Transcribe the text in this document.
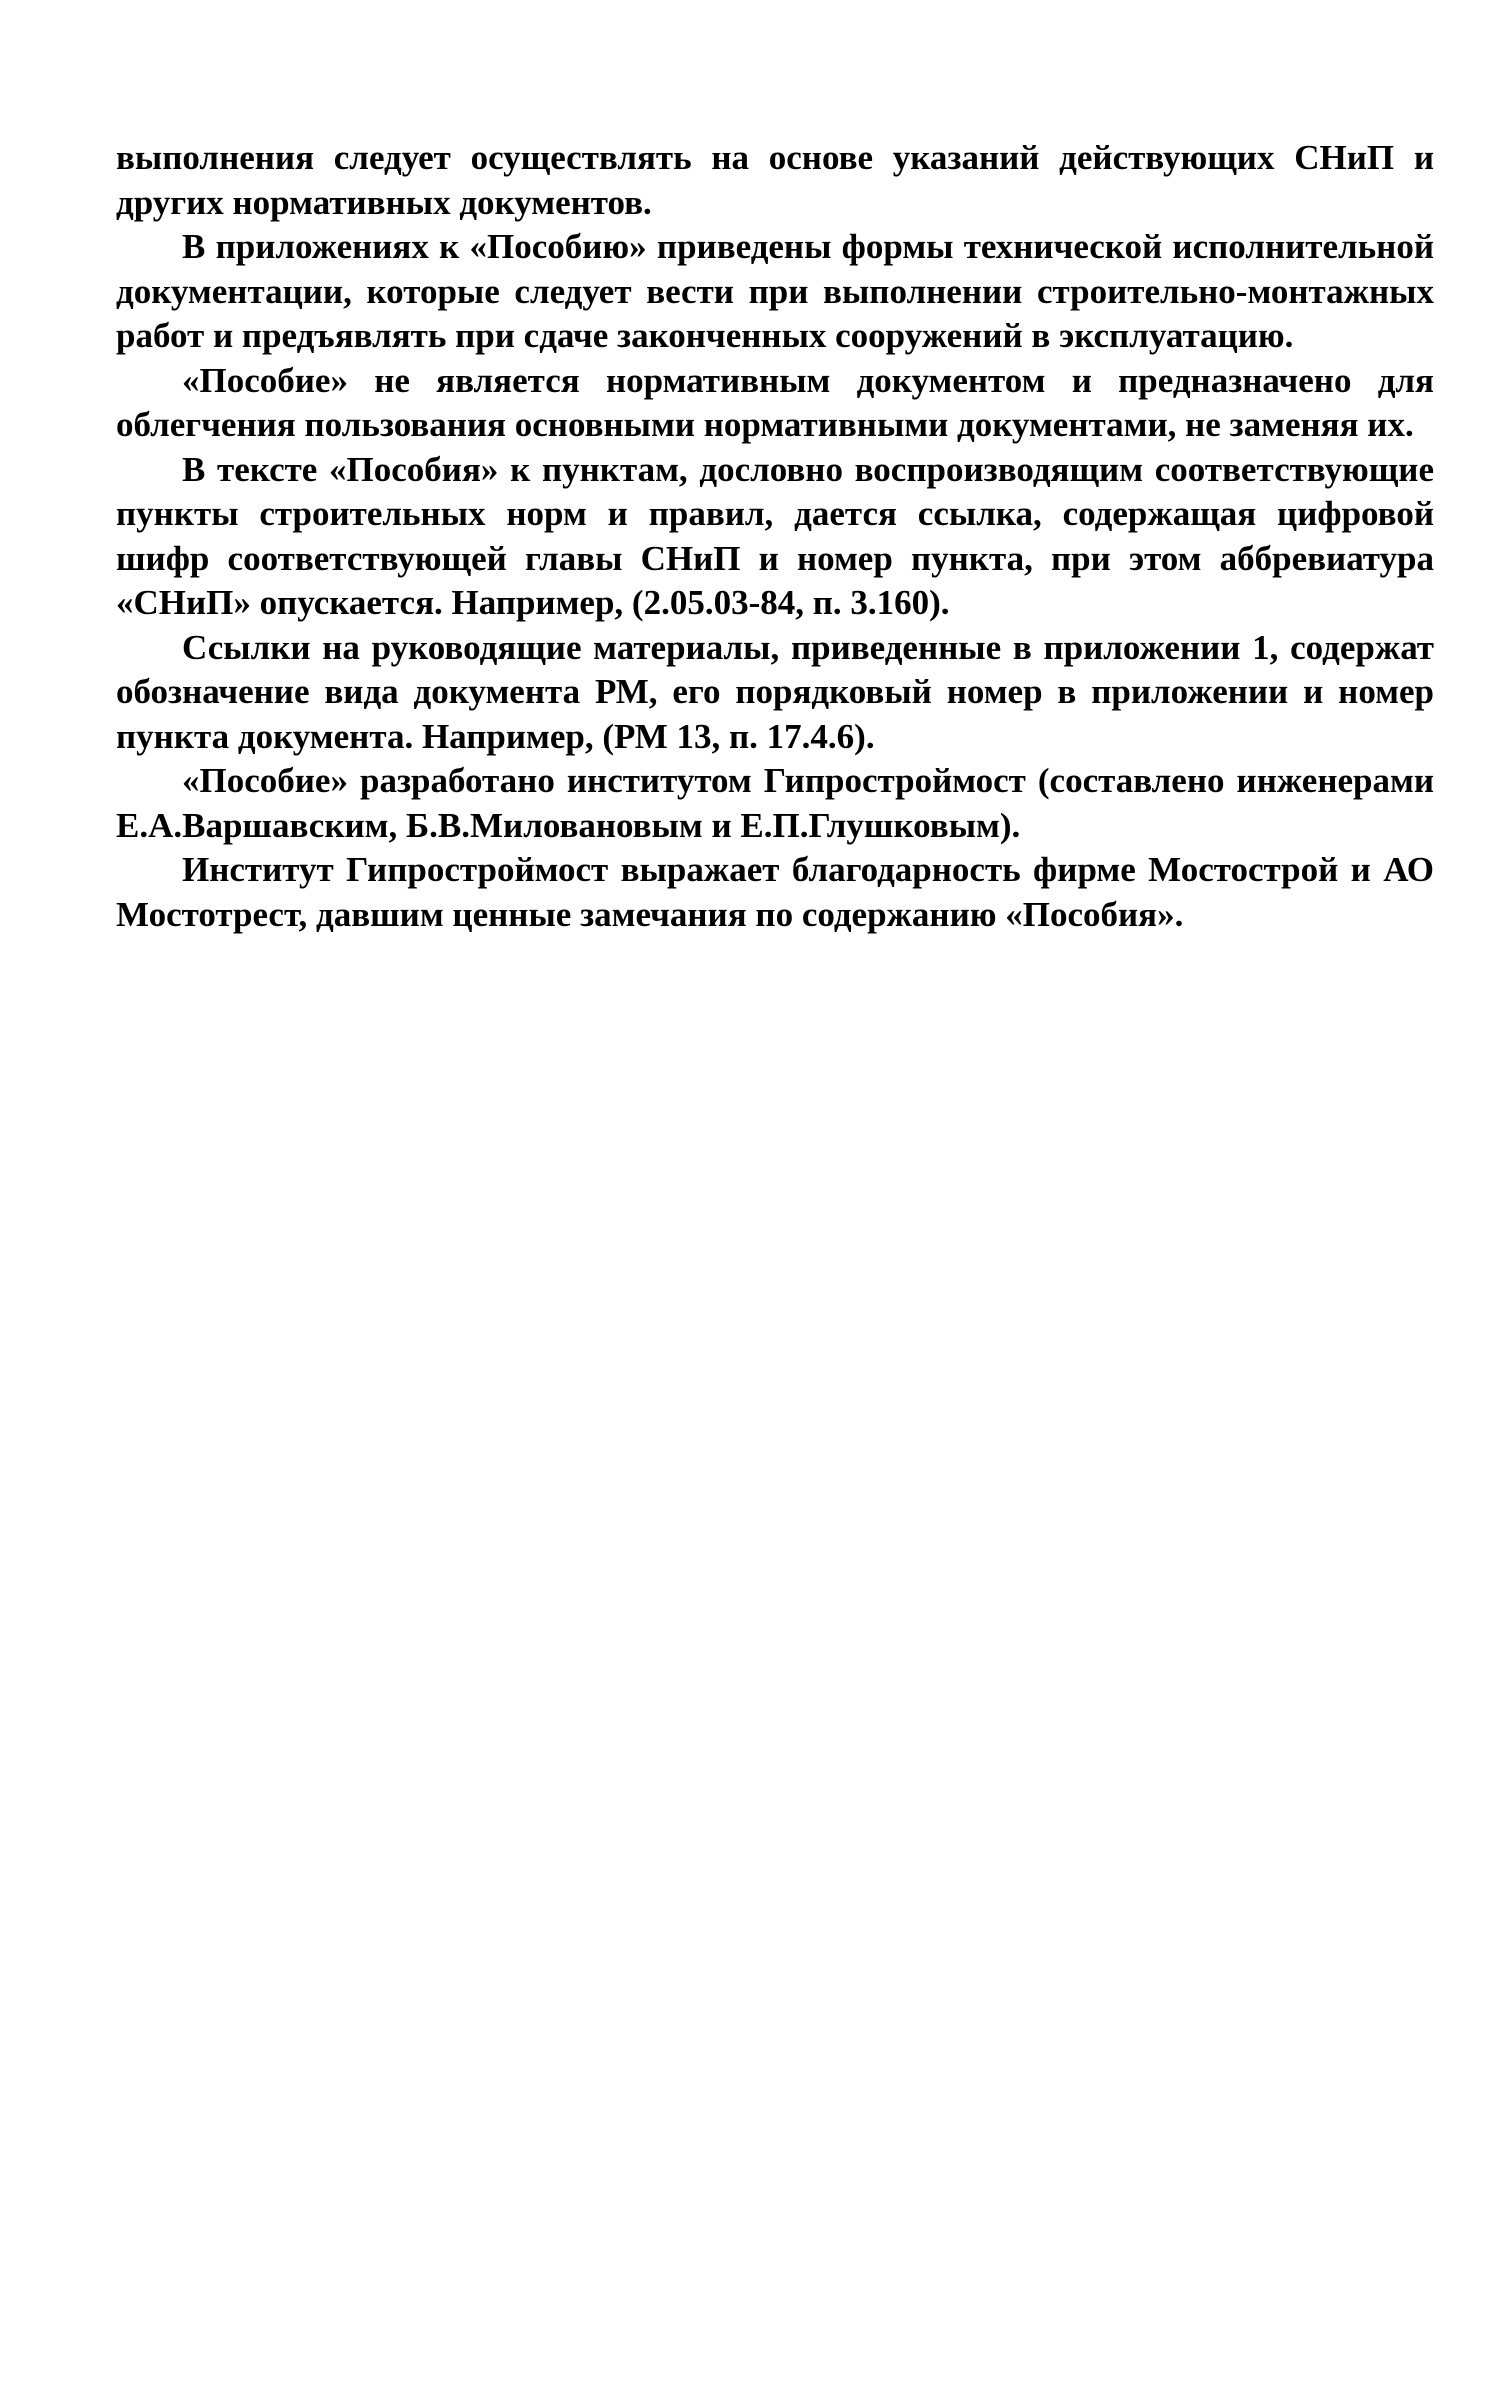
выполнения следует осуществлять на основе указаний действующих СНиП и других нормативных документов.

В приложениях к «Пособию» приведены формы технической исполнительной документации, которые следует вести при выполнении строительно-монтажных работ и предъявлять при сдаче законченных сооружений в эксплуатацию.

«Пособие» не является нормативным документом и предназначено для облегчения пользования основными нормативными документами, не заменяя их.

В тексте «Пособия» к пунктам, дословно воспроизводящим соответствующие пункты строительных норм и правил, дается ссылка, содержащая цифровой шифр соответствующей главы СНиП и номер пункта, при этом аббревиатура «СНиП» опускается. Например, (2.05.03-84, п. 3.160).

Ссылки на руководящие материалы, приведенные в приложении 1, содержат обозначение вида документа РМ, его порядковый номер в приложении и номер пункта документа. Например, (РМ 13, п. 17.4.6).

«Пособие» разработано институтом Гипростроймост (составлено инженерами Е.А.Варшавским, Б.В.Миловановым и Е.П.Глушковым).

Институт Гипростроймост выражает благодарность фирме Мостострой и АО Мостотрест, давшим ценные замечания по содержанию «Пособия».
